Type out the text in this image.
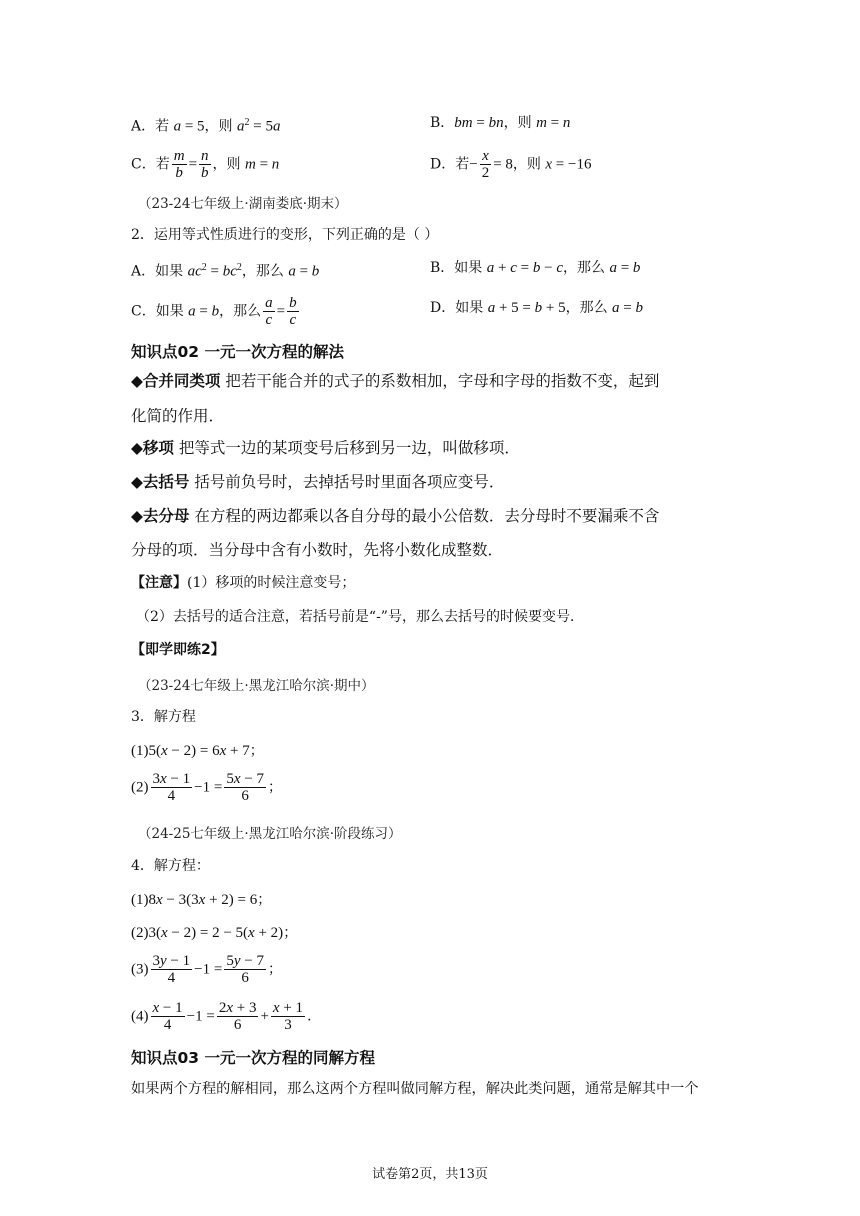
A．若 a = 5，则 $a^2 = 5a$	B．bm = bn，则 m = n
C．若 $\frac{m}{b} = \frac{n}{b}$ ，则 m = n	D．若− $\frac{x}{2} = 8$，则 x = −16
（23-24七年级上·湖南娄底·期末）
2．运用等式性质进行的变形，下列正确的是（ ）
A．如果 $ac^2 = bc^2$，那么 a = b	B．如果 a + c = b − c，那么 a = b
C．如果 a = b，那么 $\frac{a}{c} = \frac{b}{c}$	D．如果 a + 5 = b + 5，那么 a = b
知识点02 一元一次方程的解法
◆合并同类项 把若干能合并的式子的系数相加，字母和字母的指数不变，起到
化简的作用．
◆移项 把等式一边的某项变号后移到另一边，叫做移项．
◆去括号 括号前负号时，去掉括号时里面各项应变号．
◆去分母 在方程的两边都乘以各自分母的最小公倍数．去分母时不要漏乘不含
分母的项．当分母中含有小数时，先将小数化成整数．
【注意】(1）移项的时候注意变号；
（2）去括号的适合注意，若括号前是“-”号，那么去括号的时候要变号．
【即学即练2】
（23-24七年级上·黑龙江哈尔滨·期中）
3．解方程
(1)5(x − 2) = 6x + 7；
$(2) \frac{3x - 1}{4} -1 = \frac{5x - 7}{6}$ ；
（24-25七年级上·黑龙江哈尔滨·阶段练习）
4．解方程：
(1)8x − 3(3x + 2) = 6；
(2)3(x − 2) = 2 − 5(x + 2)；
$(3) \frac{3y - 1}{4} -1 = \frac{5y - 7}{6}$ ；
$(4) \frac{x - 1}{4} -1 = \frac{2x + 3}{6} + \frac{x + 1}{3}$ ．
知识点03 一元一次方程的同解方程
如果两个方程的解相同，那么这两个方程叫做同解方程，解决此类问题，通常是解其中一个
试卷第2页，共13页
